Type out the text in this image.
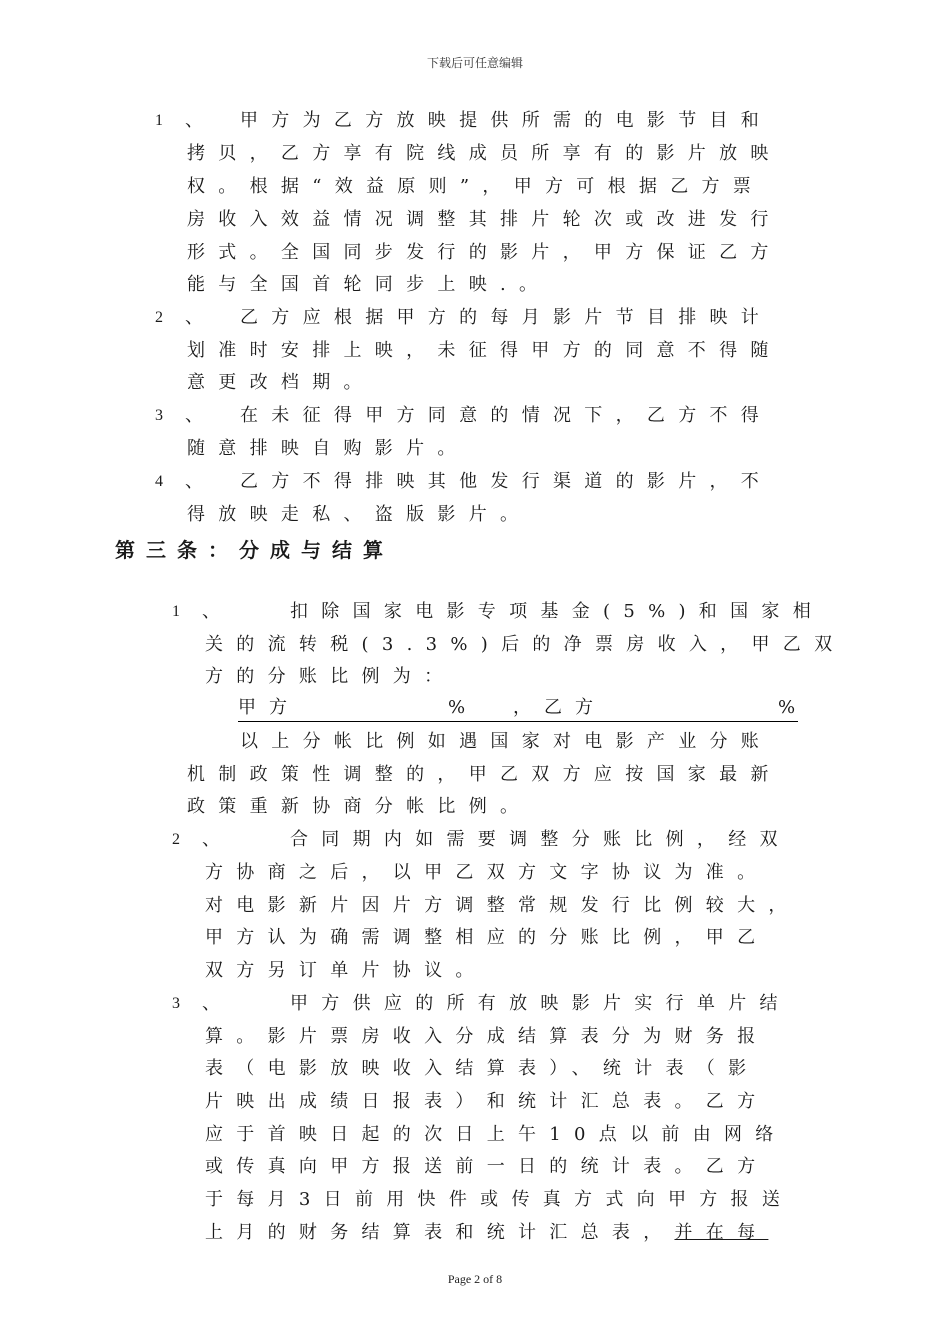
下载后可任意编辑
1 、 甲方为乙方放映提供所需的电影节目和
拷贝，乙方享有院线成员所享有的影片放映
权。根据“效益原则”，甲方可根据乙方票
房收入效益情况调整其排片轮次或改进发行
形式。全国同步发行的影片，甲方保证乙方
能与全国首轮同步上映.。
2 、 乙方应根据甲方的每月影片节目排映计
划准时安排上映，未征得甲方的同意不得随
意更改档期。
3 、 在未征得甲方同意的情况下，乙方不得
随意排映自购影片。
4 、 乙方不得排映其他发行渠道的影片，不
得放映走私、盗版影片。
第三条：分成与结算
1 、	扣除国家电影专项基金(5%)和国家相
关的流转税(3.3%)后的净票房收入，甲乙双
方的分账比例为：
甲方	%	，乙方	%
以上分帐比例如遇国家对电影产业分账
机制政策性调整的，甲乙双方应按国家最新
政策重新协商分帐比例。
2 、	合同期内如需要调整分账比例，经双
方协商之后，以甲乙双方文字协议为准。
对电影新片因片方调整常规发行比例较大，
甲方认为确需调整相应的分账比例，甲乙
双方另订单片协议。
3 、	甲方供应的所有放映影片实行单片结
算。影片票房收入分成结算表分为财务报
表（电影放映收入结算表）、统计表（影
片映出成绩日报表）和统计汇总表。乙方
应于首映日起的次日上午10点以前由网络
或传真向甲方报送前一日的统计表。乙方
于每月3日前用快件或传真方式向甲方报送
上月的财务结算表和统计汇总表，并在每
Page 2 of 8
